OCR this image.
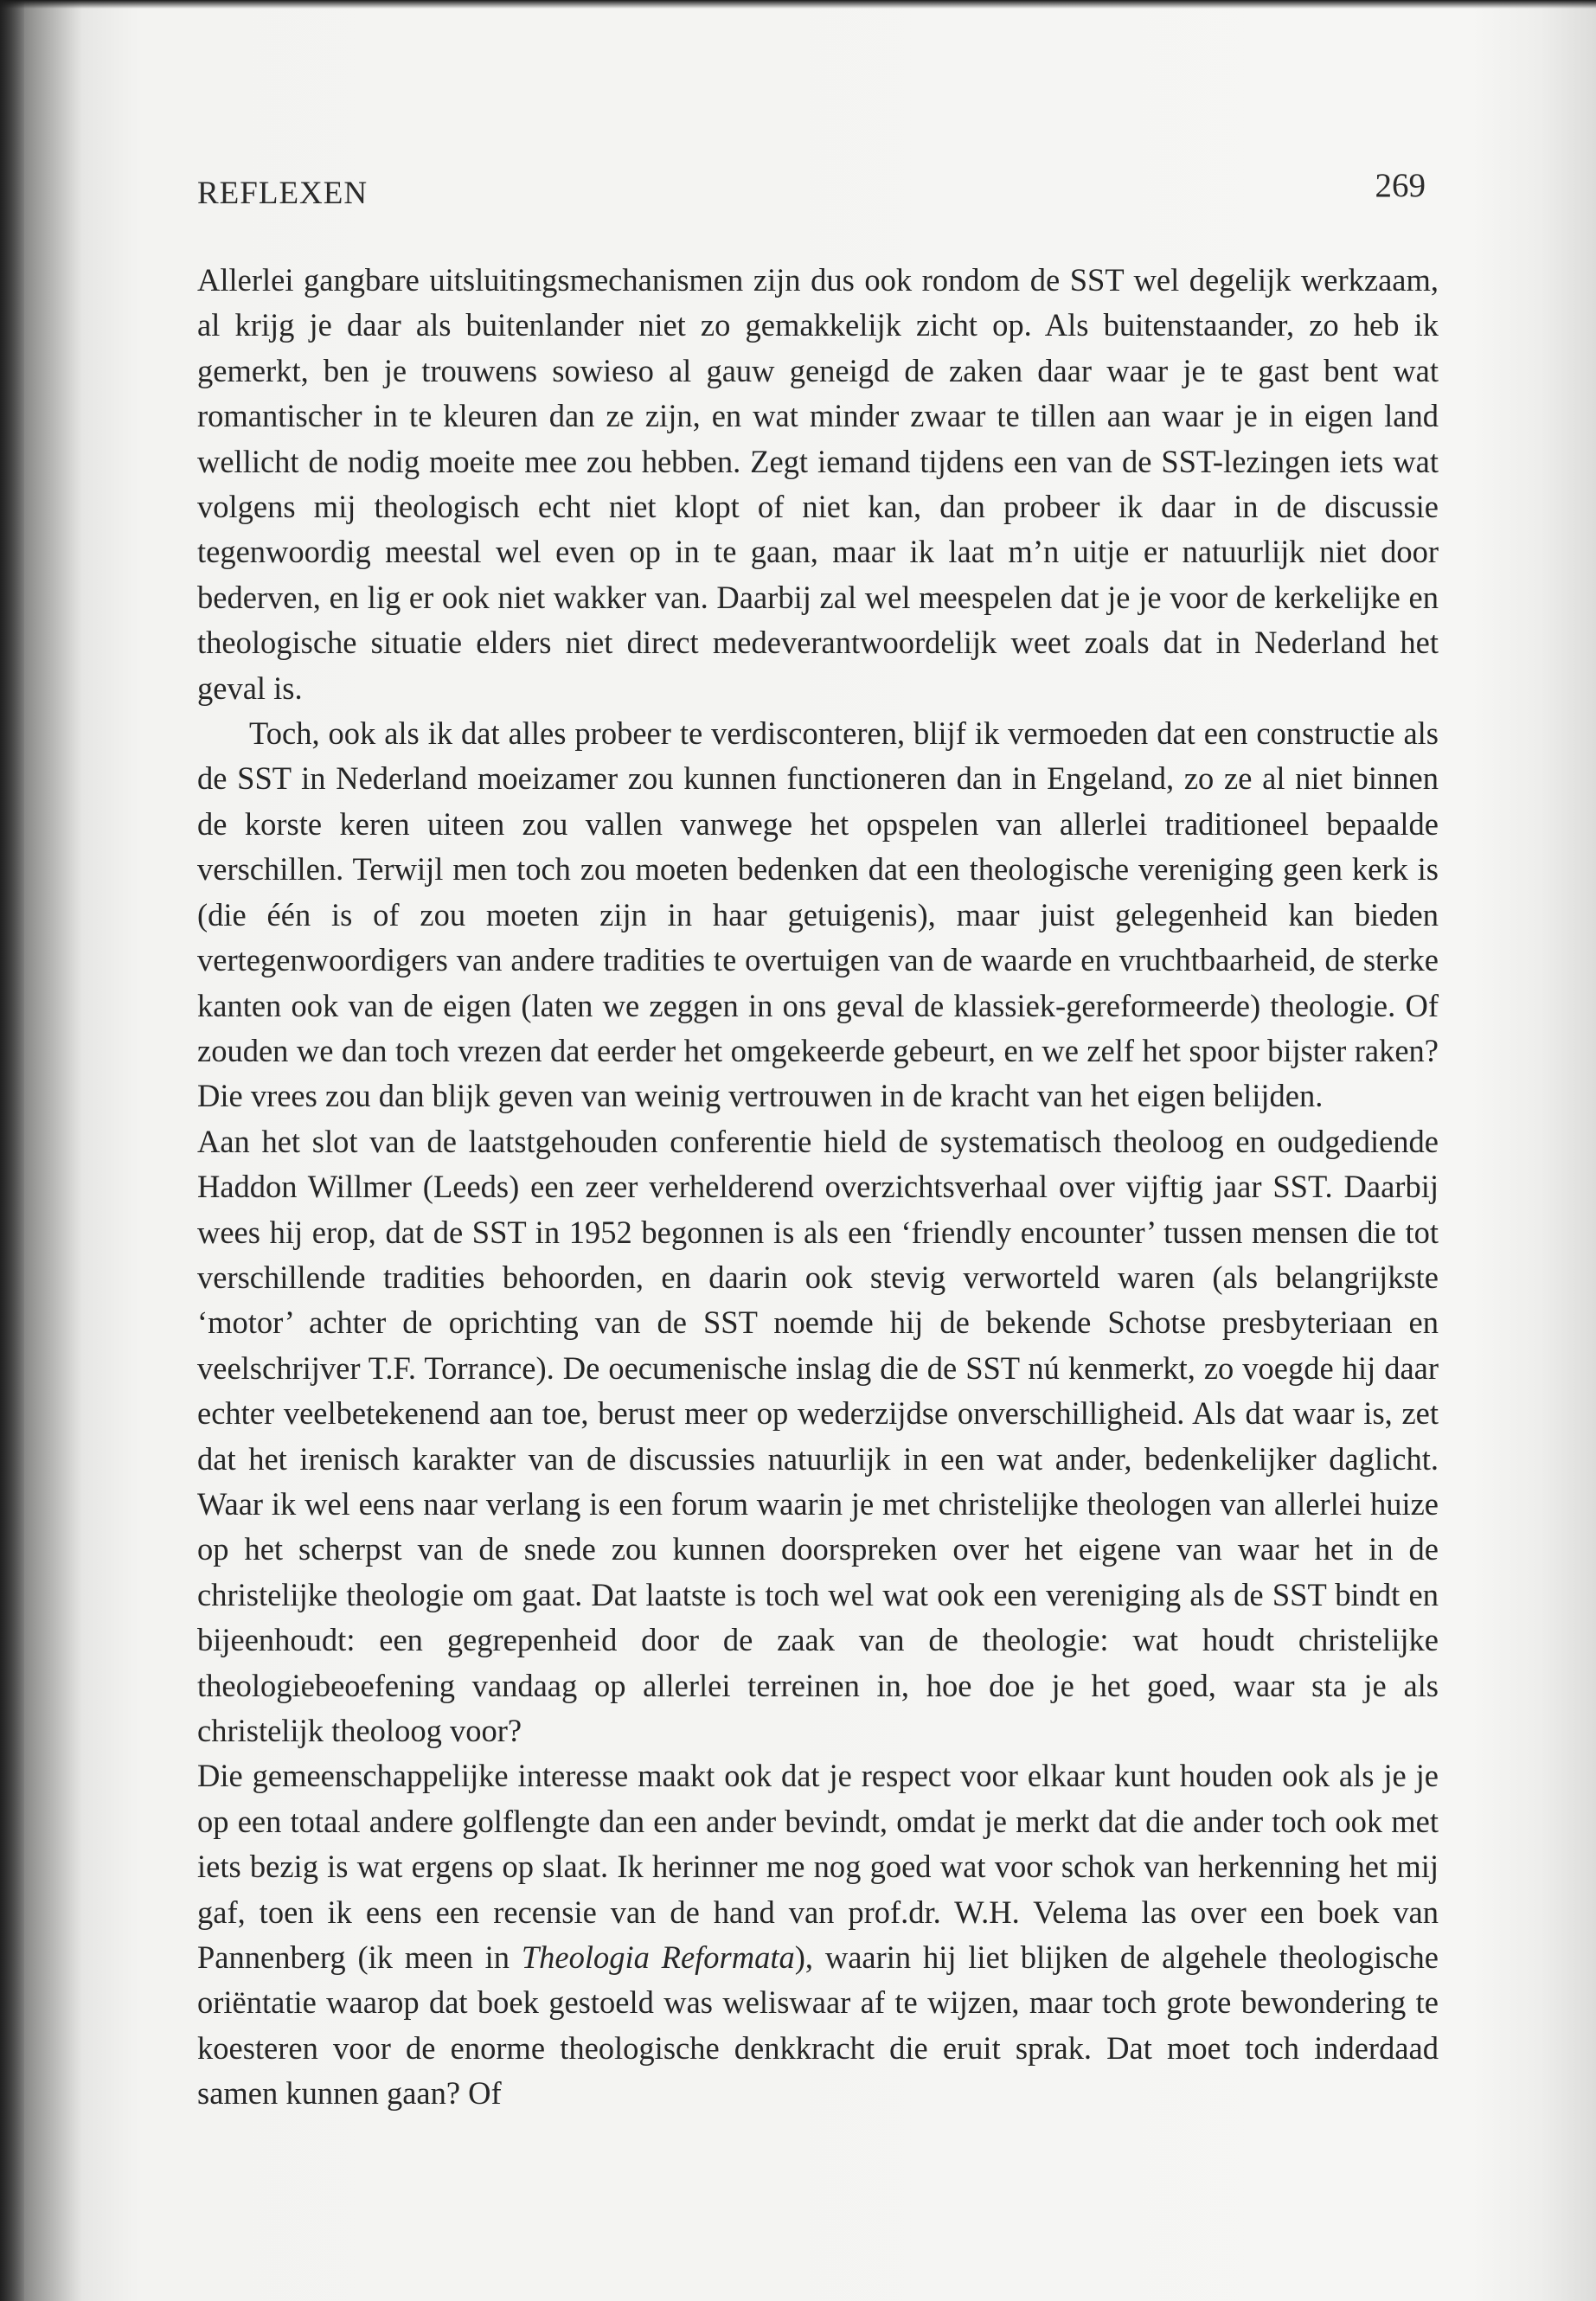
REFLEXEN	269

Allerlei gangbare uitsluitingsmechanismen zijn dus ook rondom de SST wel degelijk werkzaam, al krijg je daar als buitenlander niet zo gemakkelijk zicht op. Als buitenstaander, zo heb ik gemerkt, ben je trouwens sowieso al gauw geneigd de zaken daar waar je te gast bent wat romantischer in te kleuren dan ze zijn, en wat minder zwaar te tillen aan waar je in eigen land wellicht de nodig moeite mee zou hebben. Zegt iemand tijdens een van de SST-lezingen iets wat volgens mij theologisch echt niet klopt of niet kan, dan probeer ik daar in de discussie tegenwoordig meestal wel even op in te gaan, maar ik laat m’n uitje er natuurlijk niet door bederven, en lig er ook niet wakker van. Daarbij zal wel meespelen dat je je voor de kerkelijke en theologische situatie elders niet direct medeverantwoordelijk weet zoals dat in Nederland het geval is.

Toch, ook als ik dat alles probeer te verdisconteren, blijf ik vermoeden dat een constructie als de SST in Nederland moeizamer zou kunnen functioneren dan in Engeland, zo ze al niet binnen de korste keren uiteen zou vallen vanwege het opspelen van allerlei traditioneel bepaalde verschillen. Terwijl men toch zou moeten bedenken dat een theologische vereniging geen kerk is (die één is of zou moeten zijn in haar getuigenis), maar juist gelegenheid kan bieden vertegenwoordigers van andere tradities te overtuigen van de waarde en vruchtbaarheid, de sterke kanten ook van de eigen (laten we zeggen in ons geval de klassiek-gereformeerde) theologie. Of zouden we dan toch vrezen dat eerder het omgekeerde gebeurt, en we zelf het spoor bijster raken? Die vrees zou dan blijk geven van weinig vertrouwen in de kracht van het eigen belijden.

Aan het slot van de laatstgehouden conferentie hield de systematisch theoloog en oudgediende Haddon Willmer (Leeds) een zeer verhelderend overzichtsverhaal over vijftig jaar SST. Daarbij wees hij erop, dat de SST in 1952 begonnen is als een ‘friendly encounter’ tussen mensen die tot verschillende tradities behoorden, en daarin ook stevig verworteld waren (als belangrijkste ‘motor’ achter de oprichting van de SST noemde hij de bekende Schotse presbyteriaan en veelschrijver T.F. Torrance). De oecumenische inslag die de SST nú kenmerkt, zo voegde hij daar echter veelbetekenend aan toe, berust meer op wederzijdse onverschilligheid. Als dat waar is, zet dat het irenisch karakter van de discussies natuurlijk in een wat ander, bedenkelijker daglicht. Waar ik wel eens naar verlang is een forum waarin je met christelijke theologen van allerlei huize op het scherpst van de snede zou kunnen doorspreken over het eigene van waar het in de christelijke theologie om gaat. Dat laatste is toch wel wat ook een vereniging als de SST bindt en bijeenhoudt: een gegrepenheid door de zaak van de theologie: wat houdt christelijke theologiebeoefening vandaag op allerlei terreinen in, hoe doe je het goed, waar sta je als christelijk theoloog voor?

Die gemeenschappelijke interesse maakt ook dat je respect voor elkaar kunt houden ook als je je op een totaal andere golflengte dan een ander bevindt, omdat je merkt dat die ander toch ook met iets bezig is wat ergens op slaat. Ik herinner me nog goed wat voor schok van herkenning het mij gaf, toen ik eens een recensie van de hand van prof.dr. W.H. Velema las over een boek van Pannenberg (ik meen in Theologia Reformata), waarin hij liet blijken de algehele theologische oriëntatie waarop dat boek gestoeld was weliswaar af te wijzen, maar toch grote bewondering te koesteren voor de enorme theologische denkkracht die eruit sprak. Dat moet toch inderdaad samen kunnen gaan? Of
